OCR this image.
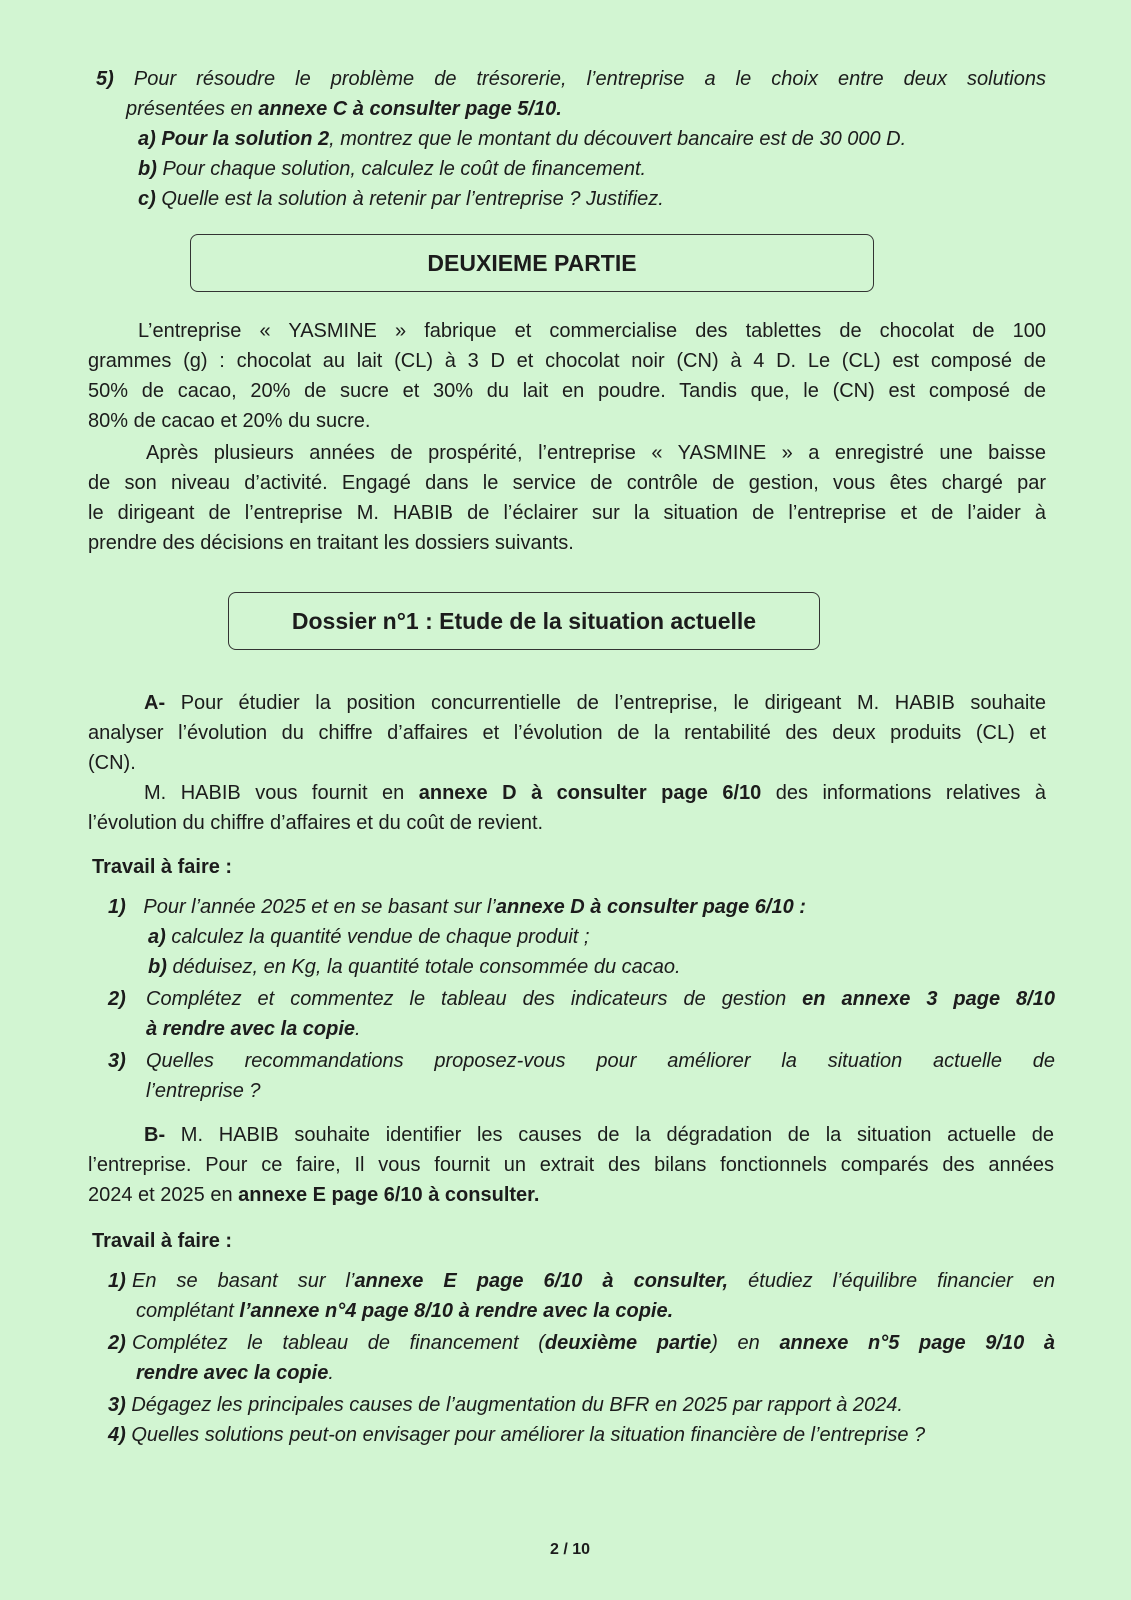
5) Pour résoudre le problème de trésorerie, l’entreprise a le choix entre deux solutions
présentées en annexe C à consulter page 5/10.
a) Pour la solution 2, montrez que le montant du découvert bancaire est de 30 000 D.
b) Pour chaque solution, calculez le coût de financement.
c) Quelle est la solution à retenir par l’entreprise ? Justifiez.
DEUXIEME PARTIE
L’entreprise « YASMINE » fabrique et commercialise des tablettes de chocolat de 100
grammes (g) : chocolat au lait (CL) à 3 D et chocolat noir (CN) à 4 D. Le (CL) est composé de
50% de cacao, 20% de sucre et 30% du lait en poudre. Tandis que, le (CN) est composé de
80% de cacao et 20% du sucre.
Après plusieurs années de prospérité, l’entreprise « YASMINE » a enregistré une baisse
de son niveau d’activité. Engagé dans le service de contrôle de gestion, vous êtes chargé par
le dirigeant de l’entreprise M. HABIB de l’éclairer sur la situation de l’entreprise et de l’aider à
prendre des décisions en traitant les dossiers suivants.
Dossier n°1 : Etude de la situation actuelle
A- Pour étudier la position concurrentielle de l’entreprise, le dirigeant M. HABIB souhaite
analyser l’évolution du chiffre d’affaires et l’évolution de la rentabilité des deux produits (CL) et
(CN).
M. HABIB vous fournit en annexe D à consulter page 6/10 des informations relatives à
l’évolution du chiffre d’affaires et du coût de revient.
Travail à faire :
1) Pour l’année 2025 et en se basant sur l’annexe D à consulter page 6/10 :
a) calculez la quantité vendue de chaque produit ;
b) déduisez, en Kg, la quantité totale consommée du cacao.
2) Complétez et commentez le tableau des indicateurs de gestion en annexe 3 page 8/10
à rendre avec la copie.
3) Quelles recommandations proposez-vous pour améliorer la situation actuelle de
l’entreprise ?
B- M. HABIB souhaite identifier les causes de la dégradation de la situation actuelle de
l’entreprise. Pour ce faire, Il vous fournit un extrait des bilans fonctionnels comparés des années
2024 et 2025 en annexe E page 6/10 à consulter.
Travail à faire :
1) En se basant sur l’annexe E page 6/10 à consulter, étudiez l’équilibre financier en
complétant l’annexe n°4 page 8/10 à rendre avec la copie.
2) Complétez le tableau de financement (deuxième partie) en annexe n°5 page 9/10 à
rendre avec la copie.
3) Dégagez les principales causes de l’augmentation du BFR en 2025 par rapport à 2024.
4) Quelles solutions peut-on envisager pour améliorer la situation financière de l’entreprise ?
2 / 10
